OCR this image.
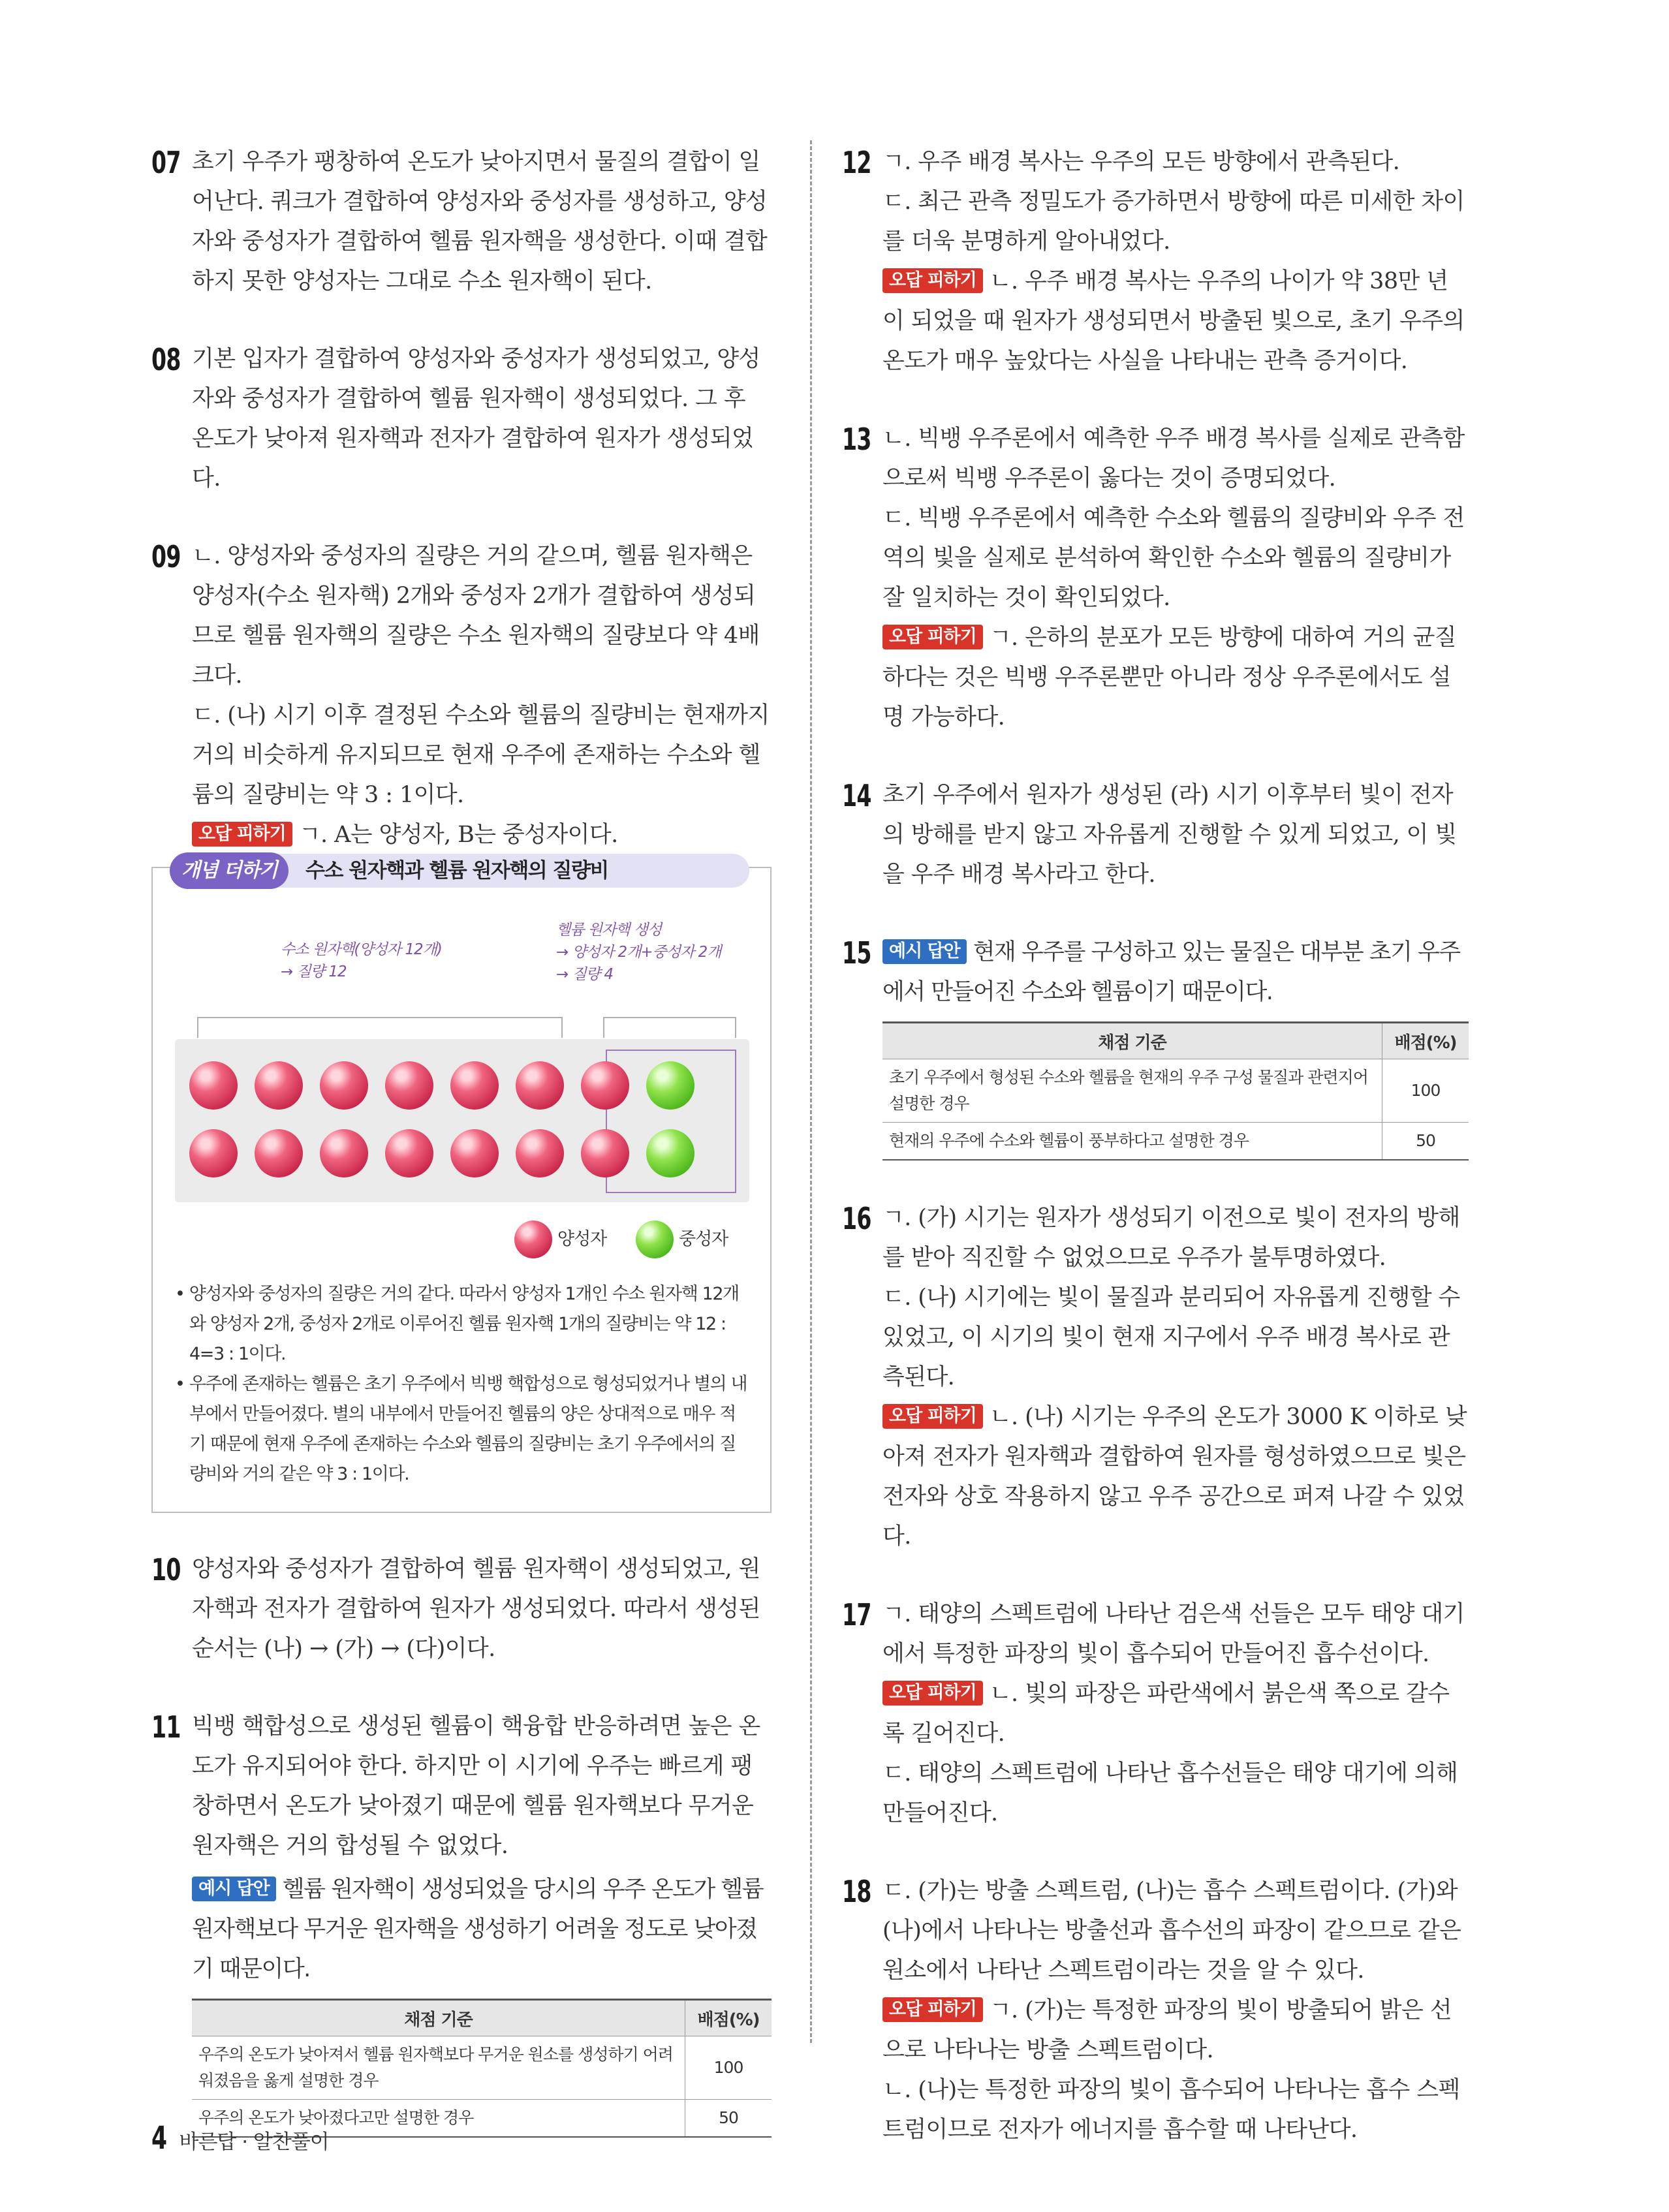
07 초기 우주가 팽창하여 온도가 낮아지면서 물질의 결합이 일어난다. 쿼크가 결합하여 양성자와 중성자를 생성하고, 양성자와 중성자가 결합하여 헬륨 원자핵을 생성한다. 이때 결합하지 못한 양성자는 그대로 수소 원자핵이 된다.

08 기본 입자가 결합하여 양성자와 중성자가 생성되었고, 양성자와 중성자가 결합하여 헬륨 원자핵이 생성되었다. 그 후 온도가 낮아져 원자핵과 전자가 결합하여 원자가 생성되었다.

09 ㄴ. 양성자와 중성자의 질량은 거의 같으며, 헬륨 원자핵은 양성자(수소 원자핵) 2개와 중성자 2개가 결합하여 생성되므로 헬륨 원자핵의 질량은 수소 원자핵의 질량보다 약 4배 크다.

ㄷ. (나) 시기 이후 결정된 수소와 헬륨의 질량비는 현재까지 거의 비슷하게 유지되므로 현재 우주에 존재하는 수소와 헬륨의 질량비는 약 3 : 1이다.

오답 피하기 ㄱ. A는 양성자, B는 중성자이다.

개념 더하기	수소 원자핵과 헬륨 원자핵의 질량비
수소 원자핵(양성자 12개)
→ 질량 12
헬륨 원자핵 생성
→ 양성자 2개+중성자 2개
→ 질량 4
양성자	중성자
• 양성자와 중성자의 질량은 거의 같다. 따라서 양성자 1개인 수소 원자핵 12개와 양성자 2개, 중성자 2개로 이루어진 헬륨 원자핵 1개의 질량비는 약 12 : 4=3 : 1이다.
• 우주에 존재하는 헬륨은 초기 우주에서 빅뱅 핵합성으로 형성되었거나 별의 내부에서 만들어졌다. 별의 내부에서 만들어진 헬륨의 양은 상대적으로 매우 적기 때문에 현재 우주에 존재하는 수소와 헬륨의 질량비는 초기 우주에서의 질량비와 거의 같은 약 3 : 1이다.
10 양성자와 중성자가 결합하여 헬륨 원자핵이 생성되었고, 원자핵과 전자가 결합하여 원자가 생성되었다. 따라서 생성된 순서는 (나) → (가) → (다)이다.

11 빅뱅 핵합성으로 생성된 헬륨이 핵융합 반응하려면 높은 온도가 유지되어야 한다. 하지만 이 시기에 우주는 빠르게 팽창하면서 온도가 낮아졌기 때문에 헬륨 원자핵보다 무거운 원자핵은 거의 합성될 수 없었다.

예시 답안 헬륨 원자핵이 생성되었을 당시의 우주 온도가 헬륨 원자핵보다 무거운 원자핵을 생성하기 어려울 정도로 낮아졌기 때문이다.

채점 기준	배점(%)
우주의 온도가 낮아져서 헬륨 원자핵보다 무거운 원소를 생성하기 어려워졌음을 옳게 설명한 경우	100
우주의 온도가 낮아졌다고만 설명한 경우	50
12 ㄱ. 우주 배경 복사는 우주의 모든 방향에서 관측된다.

ㄷ. 최근 관측 정밀도가 증가하면서 방향에 따른 미세한 차이를 더욱 분명하게 알아내었다.

오답 피하기 ㄴ. 우주 배경 복사는 우주의 나이가 약 38만 년이 되었을 때 원자가 생성되면서 방출된 빛으로, 초기 우주의 온도가 매우 높았다는 사실을 나타내는 관측 증거이다.

13 ㄴ. 빅뱅 우주론에서 예측한 우주 배경 복사를 실제로 관측함으로써 빅뱅 우주론이 옳다는 것이 증명되었다.

ㄷ. 빅뱅 우주론에서 예측한 수소와 헬륨의 질량비와 우주 전역의 빛을 실제로 분석하여 확인한 수소와 헬륨의 질량비가 잘 일치하는 것이 확인되었다.

오답 피하기 ㄱ. 은하의 분포가 모든 방향에 대하여 거의 균질하다는 것은 빅뱅 우주론뿐만 아니라 정상 우주론에서도 설명 가능하다.

14 초기 우주에서 원자가 생성된 (라) 시기 이후부터 빛이 전자의 방해를 받지 않고 자유롭게 진행할 수 있게 되었고, 이 빛을 우주 배경 복사라고 한다.

15	예시 답안 현재 우주를 구성하고 있는 물질은 대부분 초기 우주에서 만들어진 수소와 헬륨이기 때문이다.

채점 기준	배점(%)
초기 우주에서 형성된 수소와 헬륨을 현재의 우주 구성 물질과 관련지어 설명한 경우	100
현재의 우주에 수소와 헬륨이 풍부하다고 설명한 경우	50
16 ㄱ. (가) 시기는 원자가 생성되기 이전으로 빛이 전자의 방해를 받아 직진할 수 없었으므로 우주가 불투명하였다.

ㄷ. (나) 시기에는 빛이 물질과 분리되어 자유롭게 진행할 수 있었고, 이 시기의 빛이 현재 지구에서 우주 배경 복사로 관측된다.

오답 피하기 ㄴ. (나) 시기는 우주의 온도가 3000 K 이하로 낮아져 전자가 원자핵과 결합하여 원자를 형성하였으므로 빛은 전자와 상호 작용하지 않고 우주 공간으로 퍼져 나갈 수 있었다.

17 ㄱ. 태양의 스펙트럼에 나타난 검은색 선들은 모두 태양 대기에서 특정한 파장의 빛이 흡수되어 만들어진 흡수선이다.

오답 피하기 ㄴ. 빛의 파장은 파란색에서 붉은색 쪽으로 갈수록 길어진다.

ㄷ. 태양의 스펙트럼에 나타난 흡수선들은 태양 대기에 의해 만들어진다.

18 ㄷ. (가)는 방출 스펙트럼, (나)는 흡수 스펙트럼이다. (가)와 (나)에서 나타나는 방출선과 흡수선의 파장이 같으므로 같은 원소에서 나타난 스펙트럼이라는 것을 알 수 있다.

오답 피하기 ㄱ. (가)는 특정한 파장의 빛이 방출되어 밝은 선으로 나타나는 방출 스펙트럼이다.

ㄴ. (나)는 특정한 파장의 빛이 흡수되어 나타나는 흡수 스펙트럼이므로 전자가 에너지를 흡수할 때 나타난다.

4 바른답 · 알찬풀이
